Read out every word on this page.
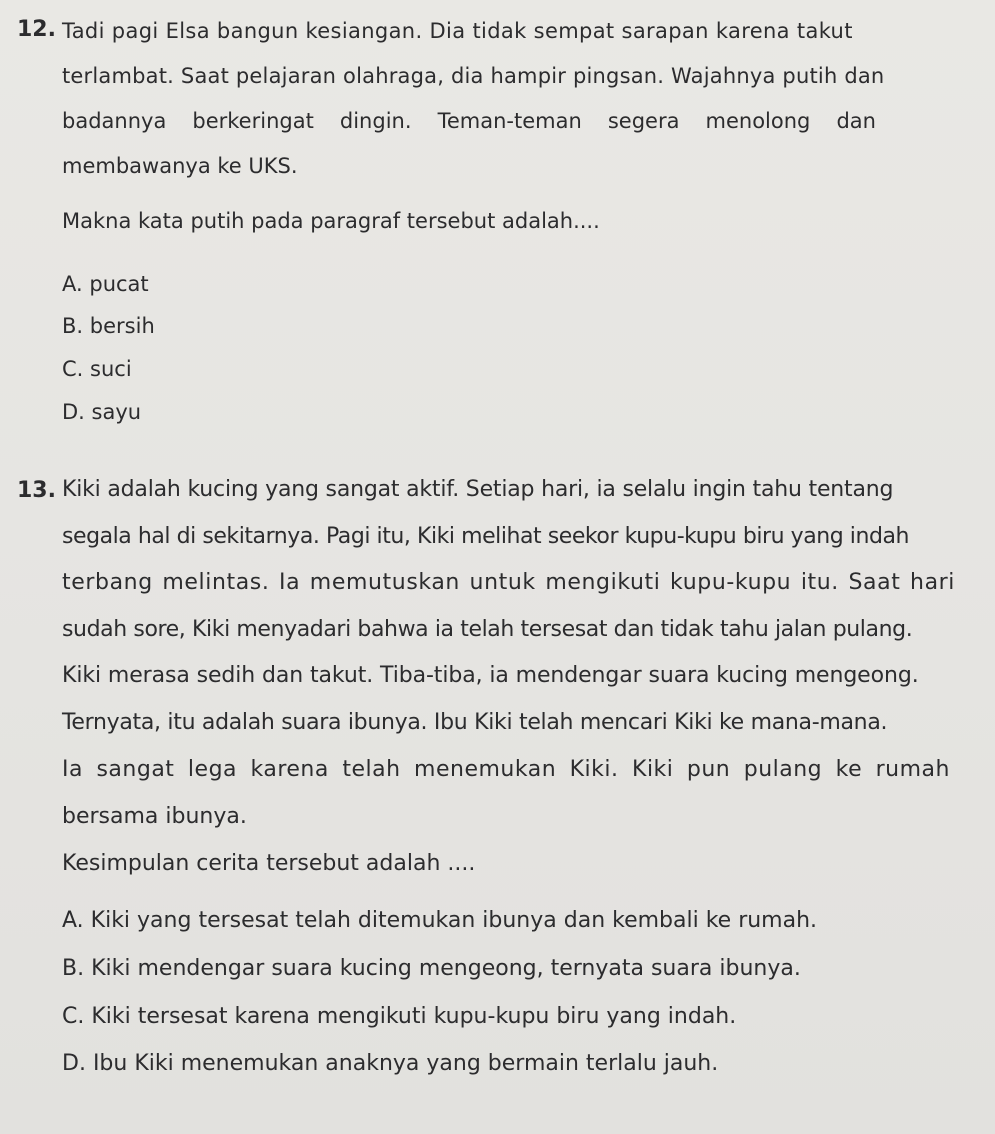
12. Tadi pagi Elsa bangun kesiangan. Dia tidak sempat sarapan karena takut
terlambat. Saat pelajaran olahraga, dia hampir pingsan. Wajahnya putih dan
badannya berkeringat dingin. Teman-teman segera menolong dan
membawanya ke UKS.
Makna kata putih pada paragraf tersebut adalah....
A. pucat
B. bersih
C. suci
D. sayu
13. Kiki adalah kucing yang sangat aktif. Setiap hari, ia selalu ingin tahu tentang
segala hal di sekitarnya. Pagi itu, Kiki melihat seekor kupu-kupu biru yang indah
terbang melintas. Ia memutuskan untuk mengikuti kupu-kupu itu. Saat hari
sudah sore, Kiki menyadari bahwa ia telah tersesat dan tidak tahu jalan pulang.
Kiki merasa sedih dan takut. Tiba-tiba, ia mendengar suara kucing mengeong.
Ternyata, itu adalah suara ibunya. Ibu Kiki telah mencari Kiki ke mana-mana.
Ia sangat lega karena telah menemukan Kiki. Kiki pun pulang ke rumah
bersama ibunya.
Kesimpulan cerita tersebut adalah ....
A. Kiki yang tersesat telah ditemukan ibunya dan kembali ke rumah.
B. Kiki mendengar suara kucing mengeong, ternyata suara ibunya.
C. Kiki tersesat karena mengikuti kupu-kupu biru yang indah.
D. Ibu Kiki menemukan anaknya yang bermain terlalu jauh.
